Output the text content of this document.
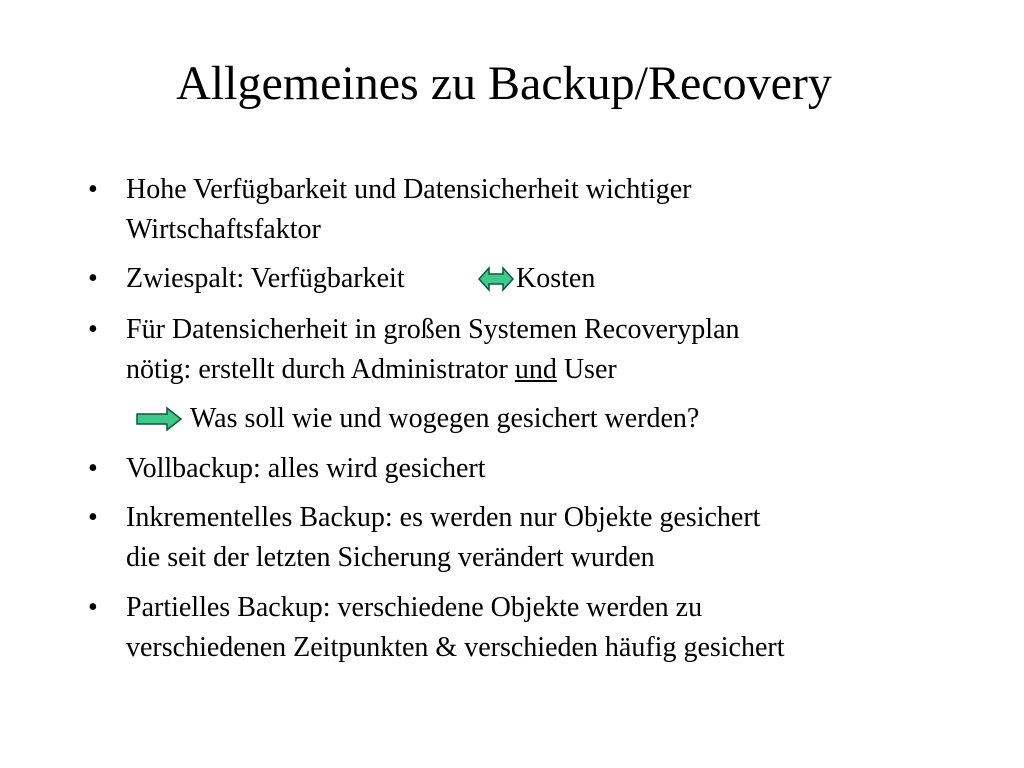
Allgemeines zu Backup/Recovery
•	Hohe Verfügbarkeit und Datensicherheit wichtiger
Wirtschaftsfaktor
•	Zwiespalt: Verfügbarkeit	Kosten
•	Für Datensicherheit in großen Systemen Recoveryplan
nötig: erstellt durch Administrator und User
Was soll wie und wogegen gesichert werden?
•	Vollbackup: alles wird gesichert
•	Inkrementelles Backup: es werden nur Objekte gesichert
die seit der letzten Sicherung verändert wurden
•	Partielles Backup: verschiedene Objekte werden zu
verschiedenen Zeitpunkten & verschieden häufig gesichert
